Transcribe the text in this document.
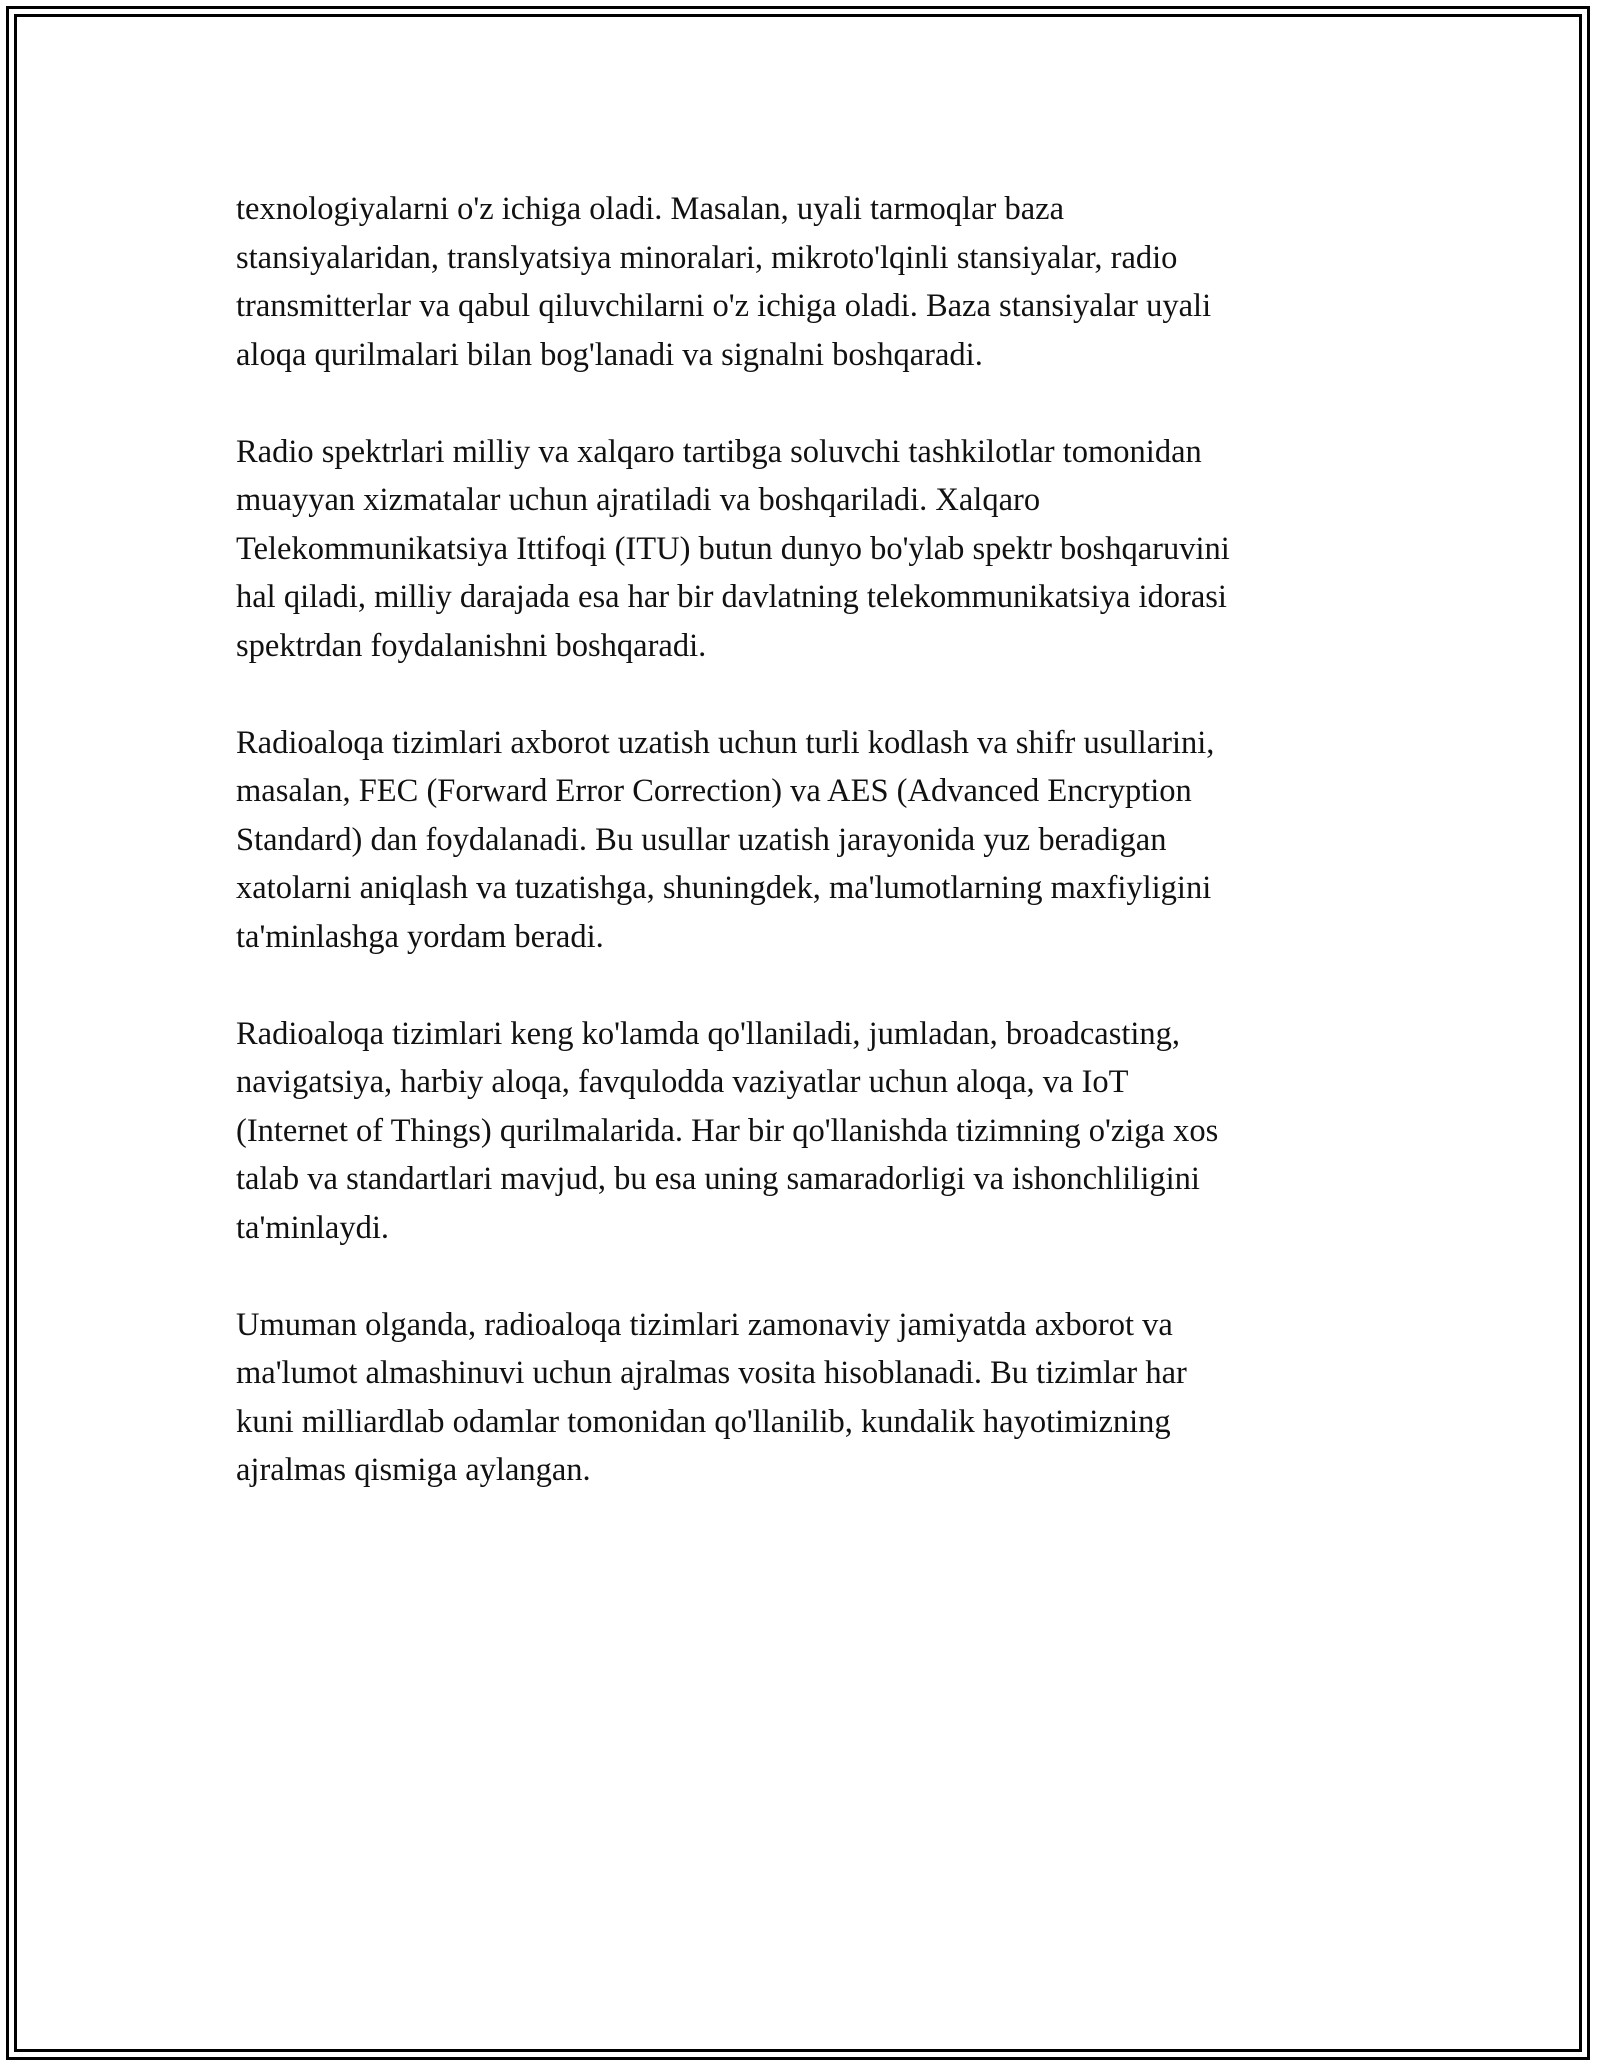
texnologiyalarni o'z ichiga oladi. Masalan, uyali tarmoqlar baza
stansiyalaridan, translyatsiya minoralari, mikroto'lqinli stansiyalar, radio
transmitterlar va qabul qiluvchilarni o'z ichiga oladi. Baza stansiyalar uyali
aloqa qurilmalari bilan bog'lanadi va signalni boshqaradi.

Radio spektrlari milliy va xalqaro tartibga soluvchi tashkilotlar tomonidan
muayyan xizmatalar uchun ajratiladi va boshqariladi. Xalqaro
Telekommunikatsiya Ittifoqi (ITU) butun dunyo bo'ylab spektr boshqaruvini
hal qiladi, milliy darajada esa har bir davlatning telekommunikatsiya idorasi
spektrdan foydalanishni boshqaradi.

Radioaloqa tizimlari axborot uzatish uchun turli kodlash va shifr usullarini,
masalan, FEC (Forward Error Correction) va AES (Advanced Encryption
Standard) dan foydalanadi. Bu usullar uzatish jarayonida yuz beradigan
xatolarni aniqlash va tuzatishga, shuningdek, ma'lumotlarning maxfiyligini
ta'minlashga yordam beradi.

Radioaloqa tizimlari keng ko'lamda qo'llaniladi, jumladan, broadcasting,
navigatsiya, harbiy aloqa, favqulodda vaziyatlar uchun aloqa, va IoT
(Internet of Things) qurilmalarida. Har bir qo'llanishda tizimning o'ziga xos
talab va standartlari mavjud, bu esa uning samaradorligi va ishonchliligini
ta'minlaydi.

Umuman olganda, radioaloqa tizimlari zamonaviy jamiyatda axborot va
ma'lumot almashinuvi uchun ajralmas vosita hisoblanadi. Bu tizimlar har
kuni milliardlab odamlar tomonidan qo'llanilib, kundalik hayotimizning
ajralmas qismiga aylangan.
